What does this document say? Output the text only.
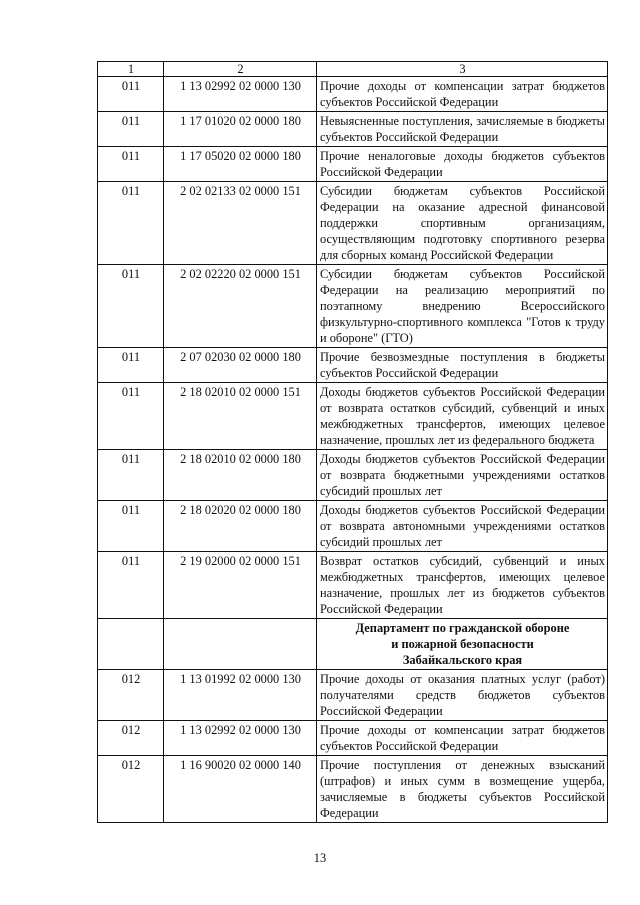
1	2	3
011	1 13 02992 02 0000 130	Прочие доходы от компенсации затрат бюджетов субъектов Российской Федерации
011	1 17 01020 02 0000 180	Невыясненные поступления, зачисляемые в бюджеты субъектов Российской Федерации
011	1 17 05020 02 0000 180	Прочие неналоговые доходы бюджетов субъектов Российской Федерации
011	2 02 02133 02 0000 151	Субсидии бюджетам субъектов Российской Федерации на оказание адресной финансовой поддержки спортивным организациям, осуществляющим подготовку спортивного резерва для сборных команд Российской Федерации
011	2 02 02220 02 0000 151	Субсидии бюджетам субъектов Российской Федерации на реализацию мероприятий по поэтапному внедрению Всероссийского физкультурно-спортивного комплекса "Готов к труду и обороне" (ГТО)
011	2 07 02030 02 0000 180	Прочие безвозмездные поступления в бюджеты субъектов Российской Федерации
011	2 18 02010 02 0000 151	Доходы бюджетов субъектов Российской Федерации от возврата остатков субсидий, субвенций и иных межбюджетных трансфертов, имеющих целевое назначение, прошлых лет из федерального бюджета
011	2 18 02010 02 0000 180	Доходы бюджетов субъектов Российской Федерации от возврата бюджетными учреждениями остатков субсидий прошлых лет
011	2 18 02020 02 0000 180	Доходы бюджетов субъектов Российской Федерации от возврата автономными учреждениями остатков субсидий прошлых лет
011	2 19 02000 02 0000 151	Возврат остатков субсидий, субвенций и иных межбюджетных трансфертов, имеющих целевое назначение, прошлых лет из бюджетов субъектов Российской Федерации

		Департамент по гражданской обороне
и пожарной безопасности
Забайкальского края

012	1 13 01992 02 0000 130	Прочие доходы от оказания платных услуг (работ) получателями средств бюджетов субъектов Российской Федерации
012	1 13 02992 02 0000 130	Прочие доходы от компенсации затрат бюджетов субъектов Российской Федерации
012	1 16 90020 02 0000 140	Прочие поступления от денежных взысканий (штрафов) и иных сумм в возмещение ущерба, зачисляемые в бюджеты субъектов Российской Федерации
13
